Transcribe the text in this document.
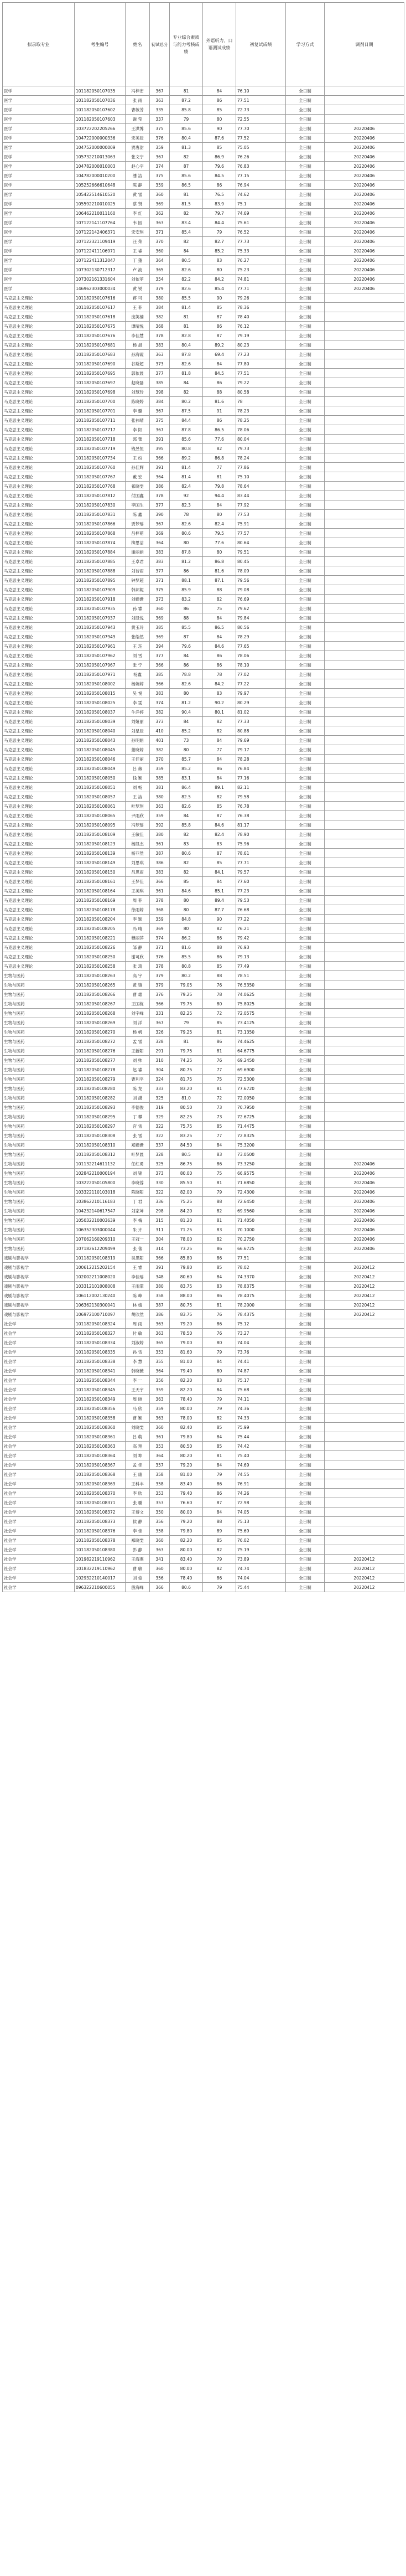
拟录取专业	考生编号	姓名	初试总分	专业综合素质与能力考核成绩	外语听力、口语测试成绩	初复试成绩	学习方式	调剂日期
医学	101182050107035	冯梓宏	367	81	84	76.10	全日制	
医学	101182050107036	张 雨	363	87.2	86	77.51	全日制	
医学	101182050107602	曹敏芳	335	85.8	85	72.73	全日制	
医学	101182050107603	谢 莹	337	79	80	72.55	全日制	
医学	103722202205266	王洪博	375	85.6	90	77.70	全日制	20220406
医学	104722000000336	宋美辰	376	80.4	87.6	77.52	全日制	20220406
医学	104752000000009	贾唐甜	359	81.3	85	75.05	全日制	20220406
医学	105732210013063	张文宁	367	82	86.9	76.26	全日制	20220406
医学	104782000010003	赵心宇	374	87	79.6	76.83	全日制	20220406
医学	104782000010200	潘 洁	375	85.6	84.5	77.15	全日制	20220406
医学	105252666610648	陈 静	359	86.5	86	76.94	全日制	20220406
医学	105422514610520	黄 雷	360	81	76.5	74.62	全日制	20220406
医学	105592210010025	蔡 贤	369	81.5	83.9	75.1	全日制	20220406
医学	106462210011160	李 红	362	82	79.7	74.69	全日制	20220406
医学	107122141107764	韦 园	363	83.4	84.4	75.61	全日制	20220406
医学	107122142406371	宋安琪	371	85.4	79	76.52	全日制	20220406
医学	107122321109419	汪 荣	370	82	82.7	77.73	全日制	20220406
医学	107122411106971	王 睿	360	84	85.2	75.33	全日制	20220406
医学	107122411312047	丁 蓬	364	80.5	83	76.27	全日制	20220406
医学	107302130712317	卢 波	365	82.6	80	75.23	全日制	20220406
医学	107302161331604	刘依菲	354	82.2	84.2	74.81	全日制	20220406
医学	146962303000034	黄 锐	379	82.6	85.4	77.71	全日制	20220406
马克思主义理论	101182050107616	蒋 可	380	85.5	90	79.26	全日制	
马克思主义理论	101182050107617	王 菲	384	81.4	85	78.36	全日制	
马克思主义理论	101182050107618	庞笑楠	382	81	87	78.40	全日制	
马克思主义理论	101182050107675	谭晴悦	368	81	86	76.12	全日制	
马克思主义理论	101182050107676	李佳慧	378	82.8	87	79.19	全日制	
马克思主义理论	101182050107681	杨 晨	383	80.4	89.2	80.23	全日制	
马克思主义理论	101182050107683	孙海霞	363	87.8	69.4	77.23	全日制	
马克思主义理论	101182050107690	谷斯超	373	82.6	84	77.80	全日制	
马克思主义理论	101182050107695	郭依晨	377	81.8	84.5	77.51	全日制	
马克思主义理论	101182050107697	赵晓磊	385	84	86	79.22	全日制	
马克思主义理论	101182050107698	刘慧玲	398	82	88	80.58	全日制	
马克思主义理论	101182050107700	陈晓婷	384	80.2	81.6	78	全日制	
马克思主义理论	101182050107701	李 璐	367	87.5	91	78.23	全日制	
马克思主义理论	101182050107711	张祎晴	375	84.4	86	78.25	全日制	
马克思主义理论	101182050107717	李 阳	367	87.8	86.5	78.06	全日制	
马克思主义理论	101182050107718	郭 蕾	391	85.6	77.6	80.04	全日制	
马克思主义理论	101182050107719	钱昱恒	395	80.8	82	79.73	全日制	
马克思主义理论	101182050107734	王 纷	366	89.2	86.8	78.24	全日制	
马克思主义理论	101182050107760	孙佳辉	391	81.4	77	77.86	全日制	
马克思主义理论	101182050107767	戴 宏	364	81.4	81	75.10	全日制	
马克思主义理论	101182050107768	祁晓雯	386	82.4	79.8	78.64	全日制	
马克思主义理论	101182050107812	付国鑫	378	92	94.4	83.44	全日制	
马克思主义理论	101182050107830	李国生	377	82.3	84	77.92	全日制	
马克思主义理论	101182050107831	陈 鑫	390	78	80	77.53	全日制	
马克思主义理论	101182050107866	贾梦瑶	367	82.6	82.4	75.91	全日制	
马克思主义理论	101182050107868	吕梓萌	369	80.6	79.5	77.57	全日制	
马克思主义理论	101182050107874	柳思洁	364	80	77.6	80.64	全日制	
马克思主义理论	101182050107884	谢丽娟	383	87.8	80	79.51	全日制	
马克思主义理论	101182050107885	王卓君	383	81.2	86.8	80.45	全日制	
马克思主义理论	101182050107888	刘诗雨	377	86	81.6	78.09	全日制	
马克思主义理论	101182050107895	钟梦超	371	88.1	87.1	79.56	全日制	
马克思主义理论	101182050107909	韩邦妮	375	85.9	88	79.08	全日制	
马克思主义理论	101182050107918	刘姗姗	373	83.2	82	76.69	全日制	
马克思主义理论	101182050107935	孙 睿	360	86	75	79.62	全日制	
马克思主义理论	101182050107937	刘凯悦	369	88	84	79.84	全日制	
马克思主义理论	101182050107943	黄玉玲	385	85.5	86.5	80.56	全日制	
马克思主义理论	101182050107949	张皓然	369	87	84	78.29	全日制	
马克思主义理论	101182050107961	王 珏	394	79.6	84.6	77.65	全日制	
马克思主义理论	101182050107962	刘 雪	377	84	86	78.06	全日制	
马克思主义理论	101182050107967	张 宁	366	86	86	78.10	全日制	
马克思主义理论	101182050107971	杨鑫	385	78.8	78	77.02	全日制	
马克思主义理论	101182050108002	杨婉婷	366	82.6	84.2	77.22	全日制	
马克思主义理论	101182050108015	吴 悦	383	80	83	79.97	全日制	
马克思主义理论	101182050108025	李 雯	374	81.2	90.2	80.29	全日制	
马克思主义理论	101182050108037	牛洋婷	382	90.4	80.1	81.02	全日制	
马克思主义理论	101182050108039	刘娅丽	373	84	82	77.33	全日制	
马克思主义理论	101182050108040	刘星辰	410	85.2	82	80.88	全日制	
马克思主义理论	101182050108043	孙明娟	401	73	84	79.69	全日制	
马克思主义理论	101182050108045	董晓婷	382	80	77	79.17	全日制	
马克思主义理论	101182050108046	王佳丽	370	85.7	84	78.28	全日制	
马克思主义理论	101182050108049	吕 薇	359	85.2	86	76.84	全日制	
马克思主义理论	101182050108050	钱 颖	385	83.1	84	77.16	全日制	
马克思主义理论	101182050108051	刘 畅	381	86.4	89.1	82.11	全日制	
马克思主义理论	101182050108057	王 洁	380	82.5	82	79.58	全日制	
马克思主义理论	101182050108061	叶梦琪	363	82.6	85	76.78	全日制	
马克思主义理论	101182050108065	尹雨欣	359	84	87	76.38	全日制	
马克思主义理论	101182050108095	冯梦瑶	392	85.8	84.6	81.17	全日制	
马克思主义理论	101182050108109	王敏佳	380	82	82.4	78.90	全日制	
马克思主义理论	101182050108123	杨凯杰	361	83	83	75.96	全日制	
马克思主义理论	101182050108139	杨菲然	387	80.6	87	78.61	全日制	
马克思主义理论	101182050108149	刘思琪	386	82	85	77.71	全日制	
马克思主义理论	101182050108150	吕思雨	383	82	84.1	79.57	全日制	
马克思主义理论	101182050108161	王梦佳	366	85	84	77.60	全日制	
马克思主义理论	101182050108164	王美琪	361	84.6	85.1	77.23	全日制	
马克思主义理论	101182050108169	周 菲	378	80	89.4	79.53	全日制	
马克思主义理论	101182050108178	徐雨婷	368	80	87.7	76.68	全日制	
马克思主义理论	101182050108204	李 颖	359	84.8	90	77.22	全日制	
马克思主义理论	101182050108205	冯 晴	369	80	82	76.21	全日制	
马克思主义理论	101182050108221	穆丽萍	374	86.2	86	79.42	全日制	
马克思主义理论	101182050108226	邹 静	371	81.6	88	76.93	全日制	
马克思主义理论	101182050108250	谢可欣	376	85.5	86	79.13	全日制	
马克思主义理论	101182050108258	张 琦	378	80.8	85	77.49	全日制	
生物与医药	101182050108263	高 宇	379	80.2	88	78.51	全日制	
生物与医药	101182050108265	黄 镇	379	79.05	76	76.5350	全日制	
生物与医药	101182050108266	曹 雄	376	79.25	78	74.0625	全日制	
生物与医药	101182050108267	王国栋	366	79.75	80	75.8025	全日制	
生物与医药	101182050108268	刘宇峰	331	82.25	72	72.0575	全日制	
生物与医药	101182050108269	刘 洋	367	79	85	73.4125	全日制	
生物与医药	101182050108270	杨 帆	326	79.25	81	73.1350	全日制	
生物与医药	101182050108272	孟 雷	328	81	86	74.4625	全日制	
生物与医药	101182050108276	王新阳	291	79.75	81	64.6775	全日制	
生物与医药	101182050108277	刘 帅	310	74.25	76	69.2450	全日制	
生物与医药	101182050108278	赵 睿	304	80.75	77	69.6900	全日制	
生物与医药	101182050108279	曹利平	324	81.75	75	72.5300	全日制	
生物与医药	101182050108280	陈 龙	333	83.20	81	77.6720	全日制	
生物与医药	101182050108282	刘 潇	325	81.0	72	72.0050	全日制	
生物与医药	101182050108293	李德俊	319	80.50	73	70.7950	全日制	
生物与医药	101182050108295	丁 攀	329	82.25	73	72.6725	全日制	
生物与医药	101182050108297	宫 雪	322	75.75	85	71.4475	全日制	
生物与医药	101182050108308	张 雷	322	83.25	77	72.8325	全日制	
生物与医药	101182050108310	郑姗姗	337	84.50	84	75.3200	全日制	
生物与医药	101182050108312	叶梦晨	328	80.5	83	73.0500	全日制	
生物与医药	101132214611132	任红勇	325	86.75	86	73.3250	全日制	20220406
生物与医药	102842210000194	刘 锦	373	80.00	75	66.9575	全日制	20220406
生物与医药	103222050105800	李晓蓉	330	85.50	81	71.6850	全日制	20220406
生物与医药	103322110103018	陈晓阳	322	82.00	79	72.4300	全日制	20220406
生物与医药	103862210116183	丁 君	336	75.25	88	72.6450	全日制	20220406
生物与医药	104232140617547	刘家坤	298	84.20	82	69.9560	全日制	20220406
生物与医药	105032210003639	李 梅	315	81.20	81	71.4050	全日制	20220406
生物与医药	106352303000044	朱 卉	311	71.25	83	70.1000	全日制	20220406
生物与医药	107062160209310	王冠一	304	78.00	82	70.2750	全日制	20220406
生物与医药	107182612209499	张 蕾	314	73.25	86	66.6725	全日制	20220406
戏剧与影视学	101182050108319	吴思阳	366	85.80	86	77.51	全日制	
戏剧与影视学	100612215202154	王 睿	391	79.80	85	78.02	全日制	20220412
戏剧与影视学	102002211008020	李佳瑶	348	80.60	84	74.3370	全日制	20220412
戏剧与影视学	103312101008008	王雨霏	380	83.75	83	78.8375	全日制	20220412
戏剧与影视学	106112002130240	陈 峰	358	88.00	86	78.4075	全日制	20220412
戏剧与影视学	106362130300041	林 婧	387	80.75	81	78.2000	全日制	20220412
戏剧与影视学	106972100710097	胡欣然	386	83.75	76	78.4375	全日制	20220412
社会学	101182050108324	周 雨	363	79.20	86	75.12	全日制	
社会学	101182050108327	付 敏	363	78.50	76	73.27	全日制	
社会学	101182050108334	刘淑婷	365	79.00	80	74.04	全日制	
社会学	101182050108335	孙 雪	353	81.60	79	73.76	全日制	
社会学	101182050108338	李 慧	355	81.00	84	74.41	全日制	
社会学	101182050108341	韩晓薇	364	79.40	80	74.87	全日制	
社会学	101182050108344	李 一	356	82.20	83	75.17	全日制	
社会学	101182050108345	王天宇	359	82.20	84	75.68	全日制	
社会学	101182050108349	周 晓	363	78.40	79	74.11	全日制	
社会学	101182050108356	马 欣	359	80.00	79	74.36	全日制	
社会学	101182050108358	曹 颖	363	78.00	82	74.33	全日制	
社会学	101182050108360	刘晓雯	360	82.40	85	75.99	全日制	
社会学	101182050108361	吕 萌	361	79.80	84	75.44	全日制	
社会学	101182050108363	高 翔	353	80.50	85	74.42	全日制	
社会学	101182050108364	刘 坤	364	80.20	81	75.40	全日制	
社会学	101182050108367	孟 佳	357	79.20	84	74.69	全日制	
社会学	101182050108368	王 康	358	81.00	79	74.55	全日制	
社会学	101182050108369	王科丰	358	83.40	86	76.91	全日制	
社会学	101182050108370	李 欣	353	79.40	86	74.26	全日制	
社会学	101182050108371	张 璐	353	76.60	87	72.98	全日制	
社会学	101182050108372	王博文	350	80.00	84	74.05	全日制	
社会学	101182050108373	侯 静	356	79.20	88	75.13	全日制	
社会学	101182050108376	李 佳	358	79.80	89	75.69	全日制	
社会学	101182050108378	郑晓雯	360	82.20	85	76.02	全日制	
社会学	101182050108380	彭 静	363	80.00	82	75.19	全日制	
社会学	101982219110962	王海燕	341	83.40	79	73.89	全日制	20220412
社会学	101832219110962	曹 敏	360	80.00	82	74.74	全日制	20220412
社会学	102932210140017	刘 俊	356	78.40	86	74.04	全日制	20220412
社会学	096322210600055	殷海峰	366	80.6	79	75.44	全日制	20220412
